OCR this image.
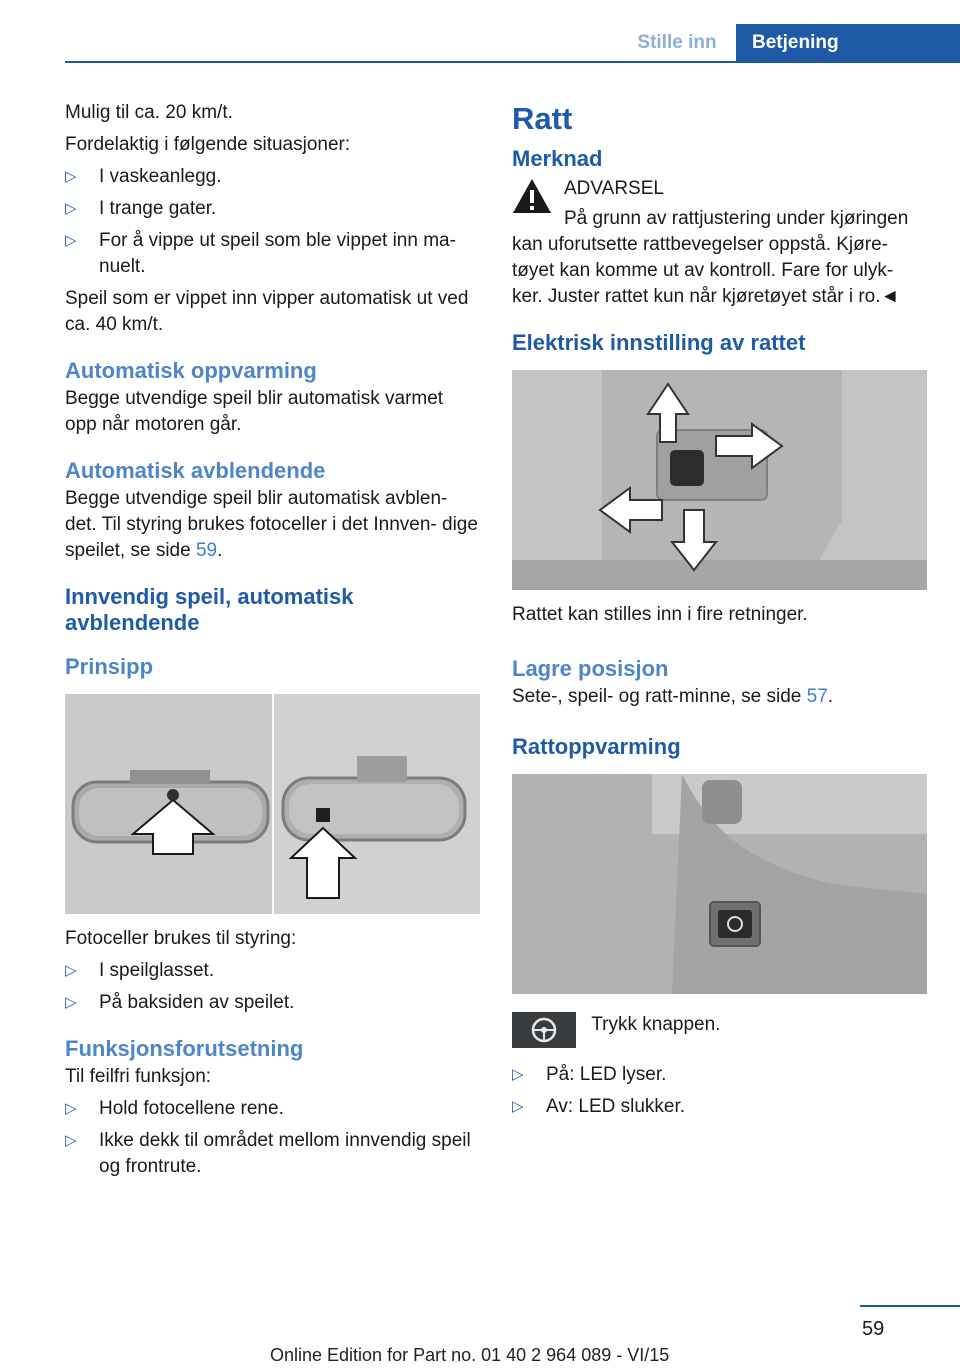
Stille inn	Betjening

Mulig til ca. 20 km/t.

Fordelaktig i følgende situasjoner:

▷ I vaskeanlegg.
▷ I trange gater.
▷ For å vippe ut speil som ble vippet inn ma‐ nuelt.

Speil som er vippet inn vipper automatisk ut ved ca. 40 km/t.

Automatisk oppvarming

Begge utvendige speil blir automatisk varmet opp når motoren går.

Automatisk avblendende

Begge utvendige speil blir automatisk avblen‐ det. Til styring brukes fotoceller i det Innven‐ dige speilet, se side 59.

Innvendig speil, automatisk avblendende
Prinsipp

Fotoceller brukes til styring:

▷ I speilglasset.
▷ På baksiden av speilet.
Funksjonsforutsetning

Til feilfri funksjon:

▷ Hold fotocellene rene.
▷ Ikke dekk til området mellom innvendig speil og frontrute.
Ratt
Merknad

ADVARSEL

På grunn av rattjustering under kjøringen kan uforutsette rattbevegelser oppstå. Kjøre‐ tøyet kan komme ut av kontroll. Fare for ulyk‐ ker. Juster rattet kun når kjøretøyet står i ro.◄

Elektrisk innstilling av rattet

Rattet kan stilles inn i fire retninger.

Lagre posisjon

Sete-, speil- og ratt-minne, se side 57.

Rattoppvarming
Trykk knappen.
▷ På: LED lyser.
▷ Av: LED slukker.
59
Online Edition for Part no. 01 40 2 964 089 - VI/15
